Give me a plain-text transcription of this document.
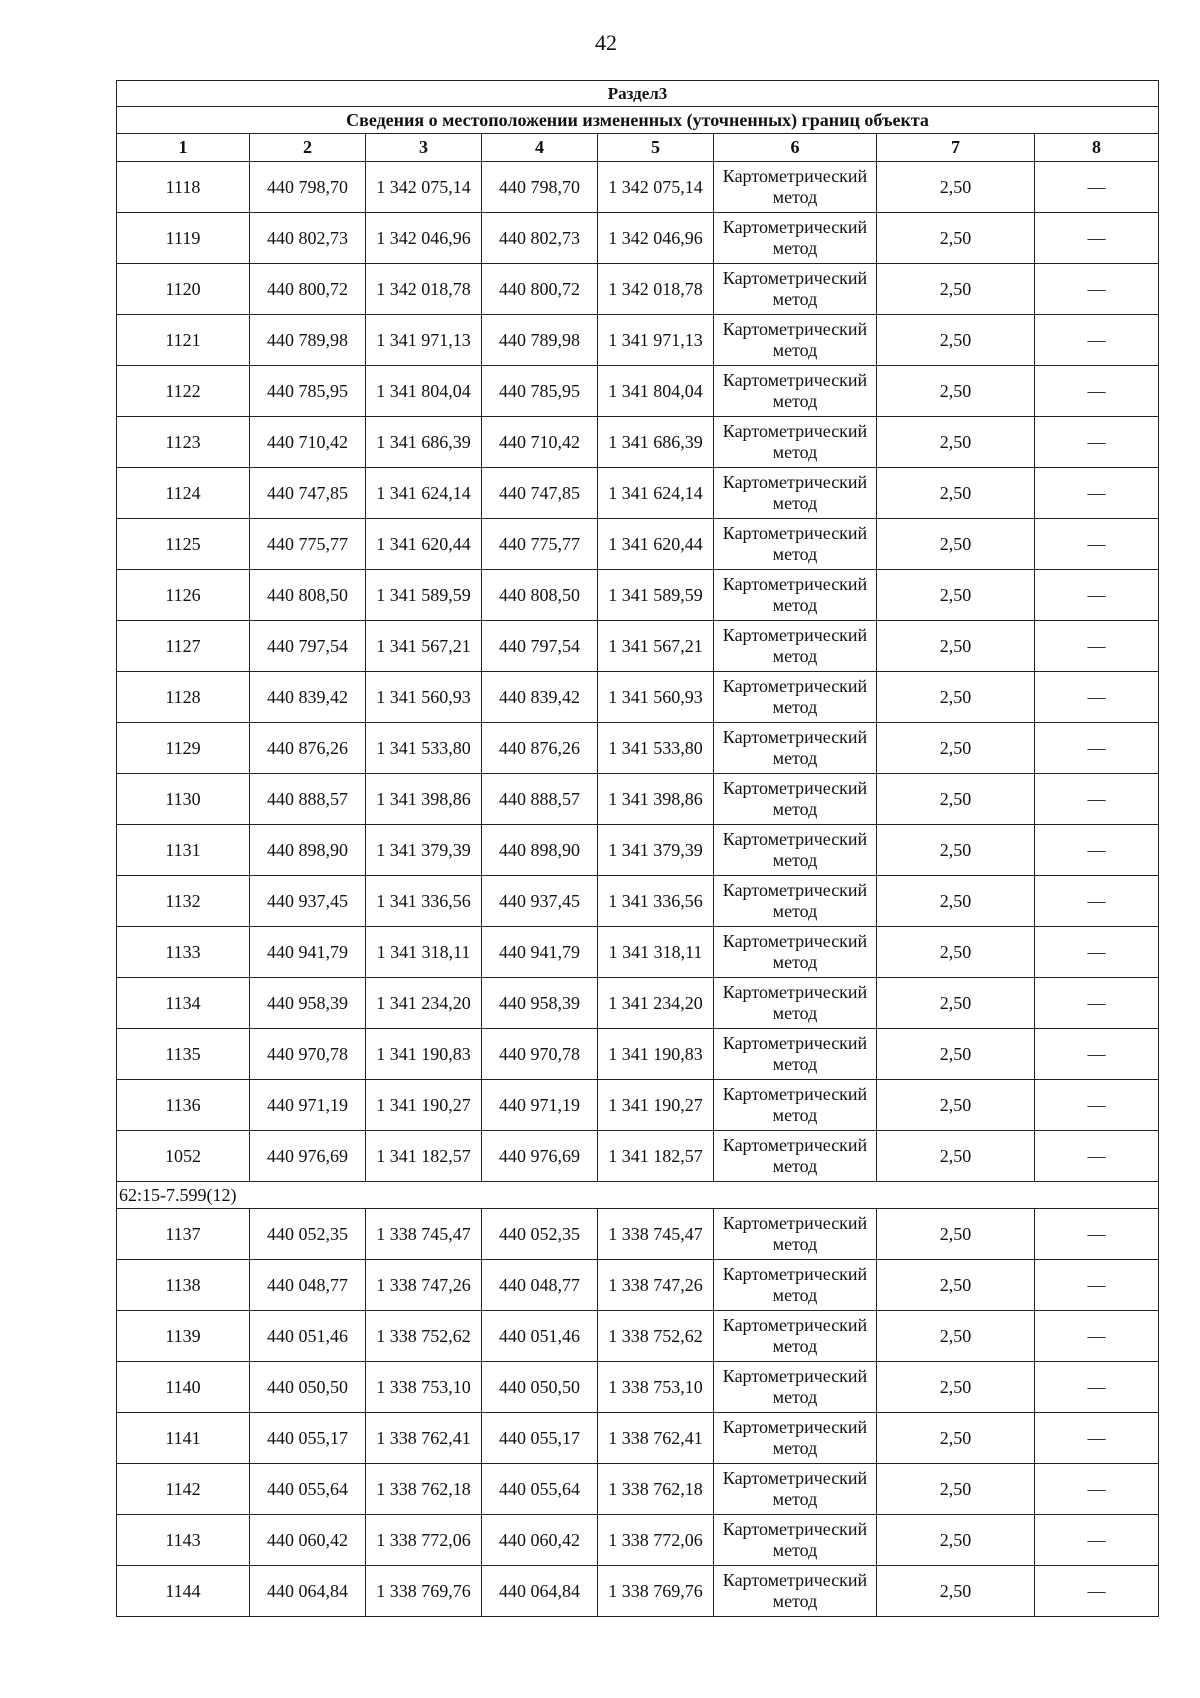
42
Раздел3							
Сведения о местоположении измененных (уточненных) границ объекта							
1	2	3	4	5	6	7	8
1118	440 798,70	1 342 075,14	440 798,70	1 342 075,14	Картометрический метод	2,50	—
1119	440 802,73	1 342 046,96	440 802,73	1 342 046,96	Картометрический метод	2,50	—
1120	440 800,72	1 342 018,78	440 800,72	1 342 018,78	Картометрический метод	2,50	—
1121	440 789,98	1 341 971,13	440 789,98	1 341 971,13	Картометрический метод	2,50	—
1122	440 785,95	1 341 804,04	440 785,95	1 341 804,04	Картометрический метод	2,50	—
1123	440 710,42	1 341 686,39	440 710,42	1 341 686,39	Картометрический метод	2,50	—
1124	440 747,85	1 341 624,14	440 747,85	1 341 624,14	Картометрический метод	2,50	—
1125	440 775,77	1 341 620,44	440 775,77	1 341 620,44	Картометрический метод	2,50	—
1126	440 808,50	1 341 589,59	440 808,50	1 341 589,59	Картометрический метод	2,50	—
1127	440 797,54	1 341 567,21	440 797,54	1 341 567,21	Картометрический метод	2,50	—
1128	440 839,42	1 341 560,93	440 839,42	1 341 560,93	Картометрический метод	2,50	—
1129	440 876,26	1 341 533,80	440 876,26	1 341 533,80	Картометрический метод	2,50	—
1130	440 888,57	1 341 398,86	440 888,57	1 341 398,86	Картометрический метод	2,50	—
1131	440 898,90	1 341 379,39	440 898,90	1 341 379,39	Картометрический метод	2,50	—
1132	440 937,45	1 341 336,56	440 937,45	1 341 336,56	Картометрический метод	2,50	—
1133	440 941,79	1 341 318,11	440 941,79	1 341 318,11	Картометрический метод	2,50	—
1134	440 958,39	1 341 234,20	440 958,39	1 341 234,20	Картометрический метод	2,50	—
1135	440 970,78	1 341 190,83	440 970,78	1 341 190,83	Картометрический метод	2,50	—
1136	440 971,19	1 341 190,27	440 971,19	1 341 190,27	Картометрический метод	2,50	—
1052	440 976,69	1 341 182,57	440 976,69	1 341 182,57	Картометрический метод	2,50	—
62:15-7.599(12)							
1137	440 052,35	1 338 745,47	440 052,35	1 338 745,47	Картометрический метод	2,50	—
1138	440 048,77	1 338 747,26	440 048,77	1 338 747,26	Картометрический метод	2,50	—
1139	440 051,46	1 338 752,62	440 051,46	1 338 752,62	Картометрический метод	2,50	—
1140	440 050,50	1 338 753,10	440 050,50	1 338 753,10	Картометрический метод	2,50	—
1141	440 055,17	1 338 762,41	440 055,17	1 338 762,41	Картометрический метод	2,50	—
1142	440 055,64	1 338 762,18	440 055,64	1 338 762,18	Картометрический метод	2,50	—
1143	440 060,42	1 338 772,06	440 060,42	1 338 772,06	Картометрический метод	2,50	—
1144	440 064,84	1 338 769,76	440 064,84	1 338 769,76	Картометрический метод	2,50	—
